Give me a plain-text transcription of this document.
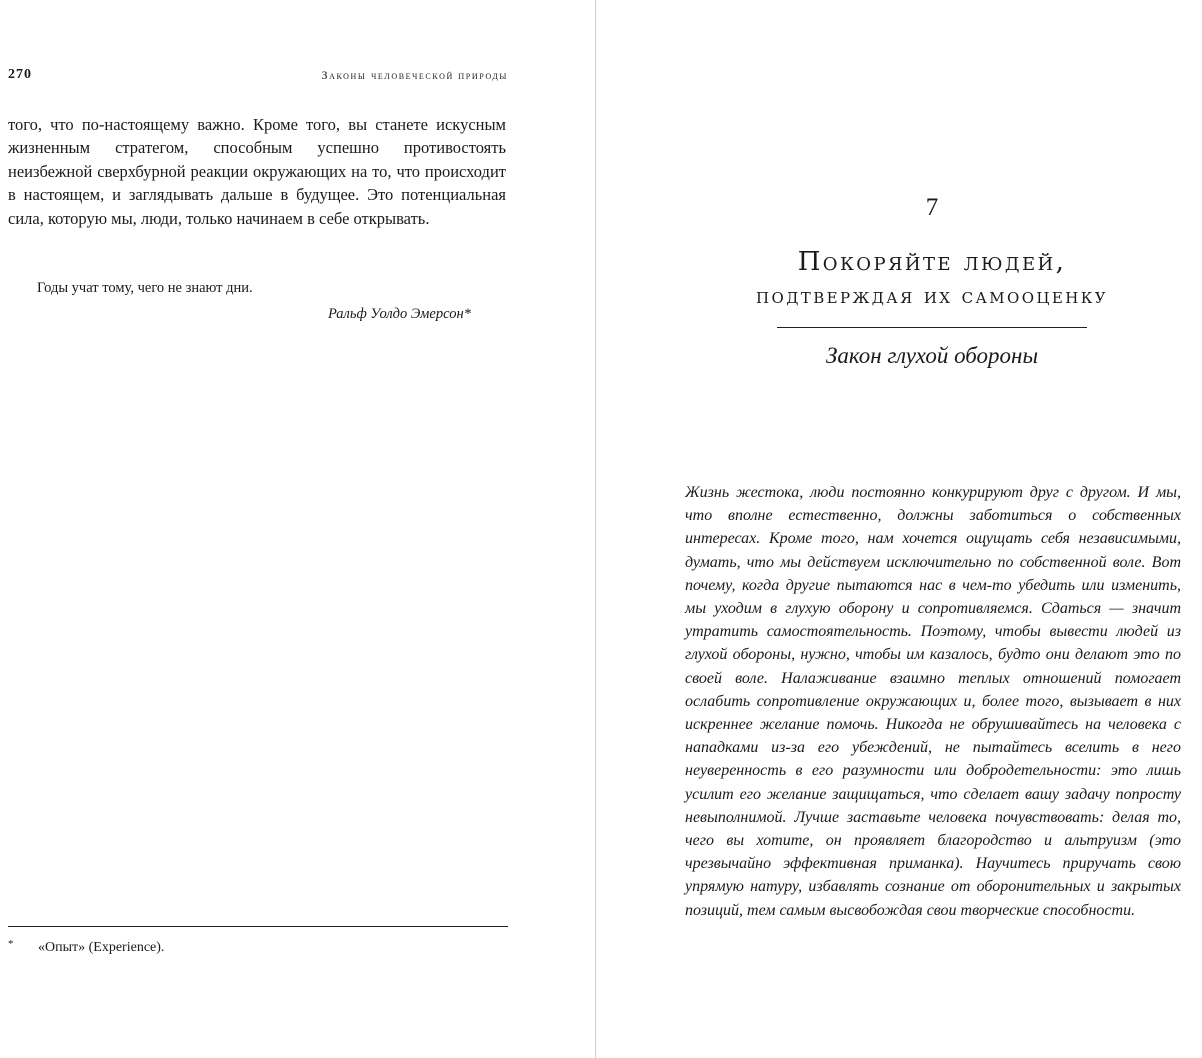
270	Законы человеческой природы

того, что по-настоящему важно. Кроме того, вы станете искусным жизненным стратегом, способным успешно противостоять неизбежной сверхбурной реакции окружающих на то, что происходит в настоящем, и заглядывать дальше в будущее. Это потенциальная сила, которую мы, люди, только начинаем в себе открывать.

Годы учат тому, чего не знают дни.

Ральф Уолдо Эмерсон*

* «Опыт» (Experience).

7

Покоряйте людей,
подтверждая их самооценку

Закон глухой обороны

Жизнь жестока, люди постоянно конкурируют друг с другом. И мы, что вполне естественно, должны заботиться о собственных интересах. Кроме того, нам хочется ощущать себя независимыми, думать, что мы действуем исключительно по собственной воле. Вот почему, когда другие пытаются нас в чем-то убедить или изменить, мы уходим в глухую оборону и сопротивляемся. Сдаться — значит утратить самостоятельность. Поэтому, чтобы вывести людей из глухой обороны, нужно, чтобы им казалось, будто они делают это по своей воле. Налаживание взаимно теплых отношений помогает ослабить сопротивление окружающих и, более того, вызывает в них искреннее желание помочь. Никогда не обрушивайтесь на человека с нападками из-за его убеждений, не пытайтесь вселить в него неуверенность в его разумности или добродетельности: это лишь усилит его желание защищаться, что сделает вашу задачу попросту невыполнимой. Лучше заставьте человека почувствовать: делая то, чего вы хотите, он проявляет благородство и альтруизм (это чрезвычайно эффективная приманка). Научитесь приручать свою упрямую натуру, избавлять сознание от оборонительных и закрытых позиций, тем самым высвобождая свои творческие способности.
